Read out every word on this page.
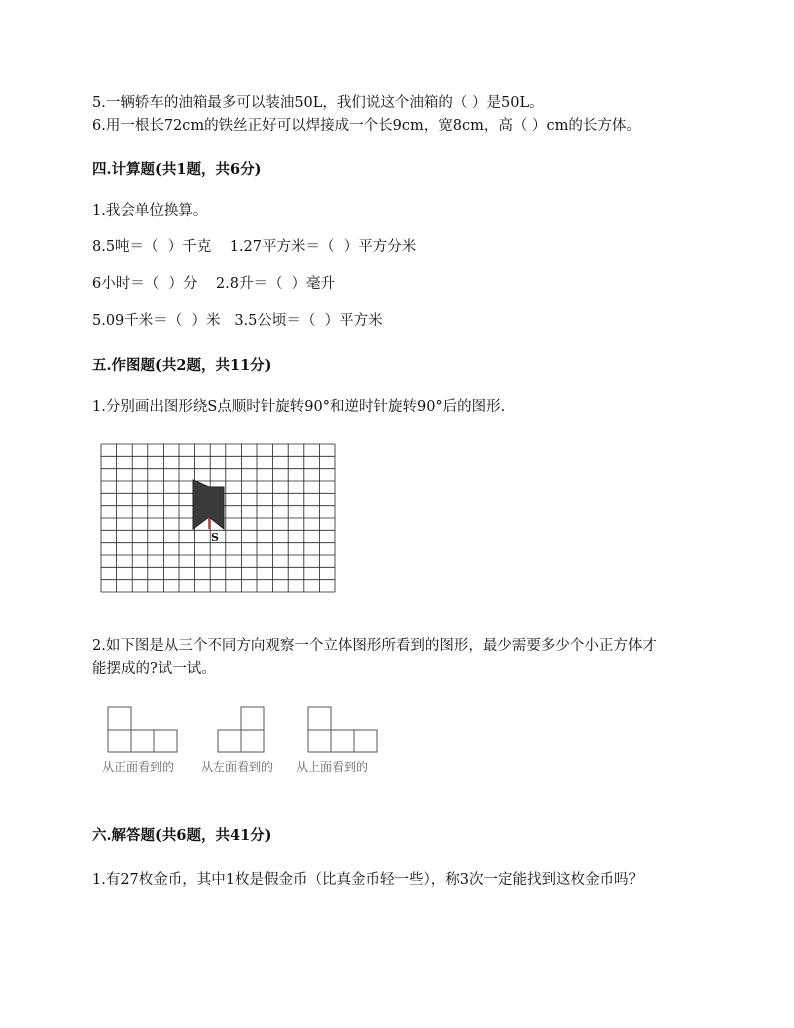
5.一辆轿车的油箱最多可以装油50L，我们说这个油箱的（ ）是50L。
6.用一根长72cm的铁丝正好可以焊接成一个长9cm，宽8cm，高（ ）cm的长方体。
四.计算题(共1题，共6分)
1.我会单位换算。
8.5吨＝（  ）千克    1.27平方米＝（  ）平方分米
6小时＝（  ）分    2.8升＝（  ）毫升
5.09千米＝（  ）米   3.5公顷＝（  ）平方米
五.作图题(共2题，共11分)
1.分别画出图形绕S点顺时针旋转90°和逆时针旋转90°后的图形.
S
2.如下图是从三个不同方向观察一个立体图形所看到的图形，最少需要多少个小正方体才
能摆成的?试一试。
从正面看到的 从左面看到的 从上面看到的
六.解答题(共6题，共41分)
1.有27枚金币，其中1枚是假金币（比真金币轻一些），称3次一定能找到这枚金币吗？
